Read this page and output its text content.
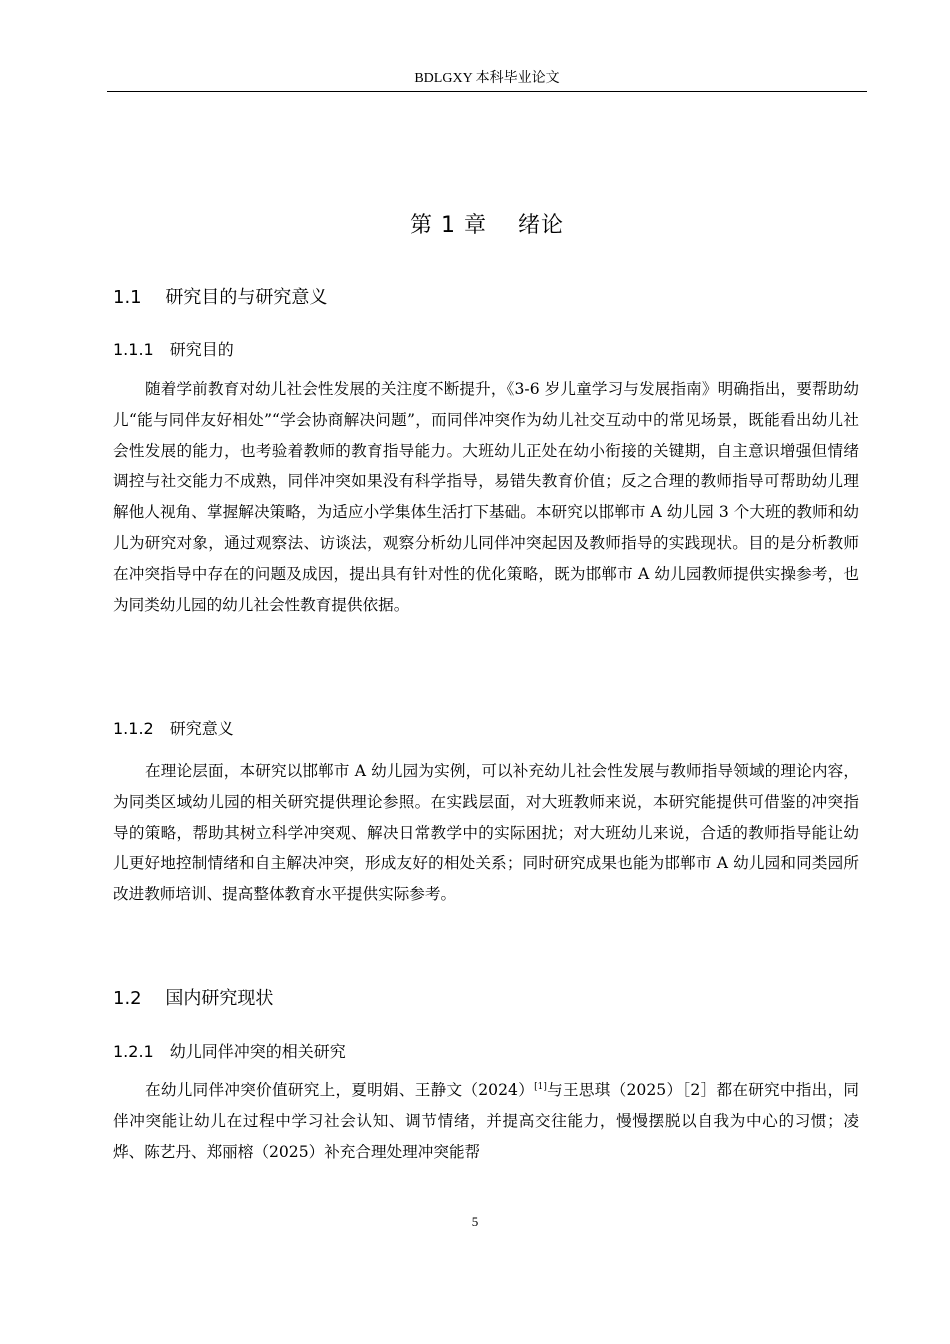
BDLGXY 本科毕业论文
第 1 章　 绪论
1.1　 研究目的与研究意义
1.1.1　研究目的

随着学前教育对幼儿社会性发展的关注度不断提升，《3-6 岁儿童学习与发展指南》明确指出，要帮助幼儿“能与同伴友好相处”“学会协商解决问题”，而同伴冲突作为幼儿社交互动中的常见场景，既能看出幼儿社会性发展的能力，也考验着教师的教育指导能力。大班幼儿正处在幼小衔接的关键期，自主意识增强但情绪调控与社交能力不成熟，同伴冲突如果没有科学指导，易错失教育价值；反之合理的教师指导可帮助幼儿理解他人视角、掌握解决策略，为适应小学集体生活打下基础。本研究以邯郸市 A 幼儿园 3 个大班的教师和幼儿为研究对象，通过观察法、访谈法，观察分析幼儿同伴冲突起因及教师指导的实践现状。目的是分析教师在冲突指导中存在的问题及成因，提出具有针对性的优化策略，既为邯郸市 A 幼儿园教师提供实操参考，也为同类幼儿园的幼儿社会性教育提供依据。

1.1.2　研究意义

在理论层面，本研究以邯郸市 A 幼儿园为实例，可以补充幼儿社会性发展与教师指导领域的理论内容，为同类区域幼儿园的相关研究提供理论参照。在实践层面，对大班教师来说，本研究能提供可借鉴的冲突指导的策略，帮助其树立科学冲突观、解决日常教学中的实际困扰；对大班幼儿来说，合适的教师指导能让幼儿更好地控制情绪和自主解决冲突，形成友好的相处关系；同时研究成果也能为邯郸市 A 幼儿园和同类园所改进教师培训、提高整体教育水平提供实际参考。

1.2　 国内研究现状
1.2.1　幼儿同伴冲突的相关研究

在幼儿同伴冲突价值研究上，夏明娟、王静文（2024）[1]与王思琪（2025）［2］都在研究中指出，同伴冲突能让幼儿在过程中学习社会认知、调节情绪，并提高交往能力，慢慢摆脱以自我为中心的习惯；凌烨、陈艺丹、郑丽榕（2025）补充合理处理冲突能帮

5
